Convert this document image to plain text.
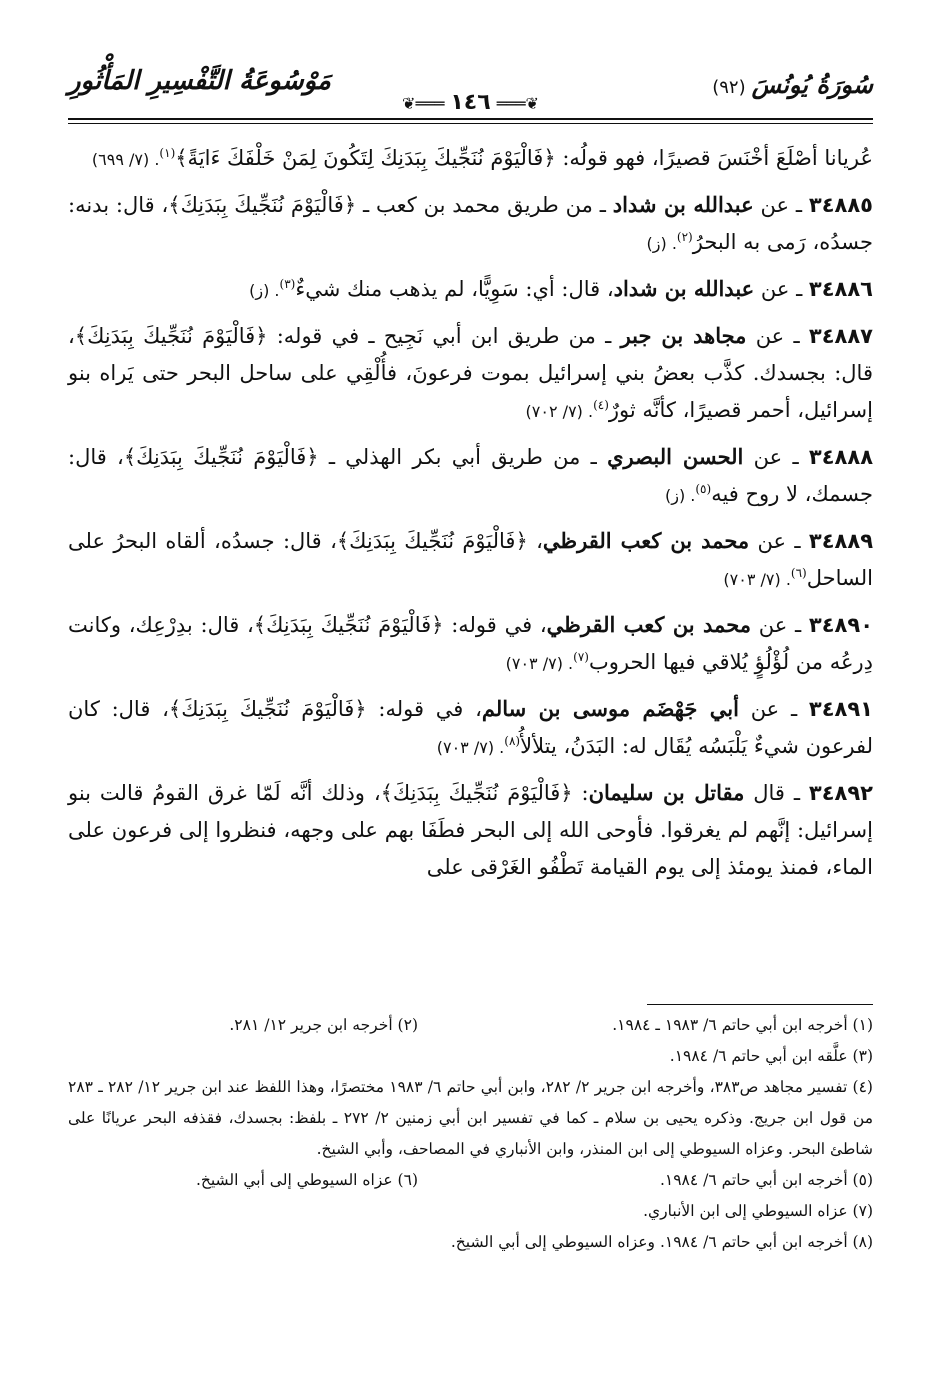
سُورَةُ يُونُسَ(٩٢)
❦═══١٤٦═══❦
مَوْسُوعَةُ التَّفْسِيرِ المَأْثُورِ

عُريانا أصْلَعَ أخْنَسَ قصيرًا، فهو قولُه: ﴿فَالْيَوْمَ نُنَجِّيكَ بِبَدَنِكَ لِتَكُونَ لِمَنْ خَلْفَكَ ءَايَةً﴾$^{(١)}$. (٧/ ٦٩٩)

٣٤٨٨٥ ـ عن عبدالله بن شداد ـ من طريق محمد بن كعب ـ ﴿فَالْيَوْمَ نُنَجِّيكَ بِبَدَنِكَ﴾، قال: بدنه: جسدُه، رَمى به البحرُ$^{(٢)}$. (ز)

٣٤٨٨٦ ـ عن عبدالله بن شداد، قال: أي: سَوِيًّا، لم يذهب منك شيءٌ$^{(٣)}$. (ز)

٣٤٨٨٧ ـ عن مجاهد بن جبر ـ من طريق ابن أبي نَجِيح ـ في قوله: ﴿فَالْيَوْمَ نُنَجِّيكَ بِبَدَنِكَ﴾، قال: بجسدك. كذَّب بعضُ بني إسرائيل بموت فرعونَ، فأُلْقِي على ساحل البحر حتى يَراه بنو إسرائيل، أحمر قصيرًا، كأنَّه ثورٌ$^{(٤)}$. (٧/ ٧٠٢)

٣٤٨٨٨ ـ عن الحسن البصري ـ من طريق أبي بكر الهذلي ـ ﴿فَالْيَوْمَ نُنَجِّيكَ بِبَدَنِكَ﴾، قال: جسمك، لا روح فيه$^{(٥)}$. (ز)

٣٤٨٨٩ ـ عن محمد بن كعب القرظي، ﴿فَالْيَوْمَ نُنَجِّيكَ بِبَدَنِكَ﴾، قال: جسدُه، ألقاه البحرُ على الساحل$^{(٦)}$. (٧/ ٧٠٣)

٣٤٨٩٠ ـ عن محمد بن كعب القرظي، في قوله: ﴿فَالْيَوْمَ نُنَجِّيكَ بِبَدَنِكَ﴾، قال: بدِرْعِك، وكانت دِرعُه من لُؤْلُؤٍ يُلاقي فيها الحروب$^{(٧)}$. (٧/ ٧٠٣)

٣٤٨٩١ ـ عن أبي جَهْضَم موسى بن سالم، في قوله: ﴿فَالْيَوْمَ نُنَجِّيكَ بِبَدَنِكَ﴾، قال: كان لفرعون شيءٌ يَلْبَسُه يُقَال له: البَدَنُ، يتلألأُ$^{(٨)}$. (٧/ ٧٠٣)

٣٤٨٩٢ ـ قال مقاتل بن سليمان: ﴿فَالْيَوْمَ نُنَجِّيكَ بِبَدَنِكَ﴾، وذلك أنَّه لَمّا غرق القومُ قالت بنو إسرائيل: إنَّهم لم يغرقوا. فأوحى الله إلى البحر فطَفَا بهم على وجهه، فنظروا إلى فرعون على الماء، فمنذ يومئذ إلى يوم القيامة تَطْفُو الغَرْقى على

(١) أخرجه ابن أبي حاتم ٦/ ١٩٨٣ ـ ١٩٨٤.
(٢) أخرجه ابن جرير ١٢/ ٢٨١.
(٣) علَّقه ابن أبي حاتم ٦/ ١٩٨٤.
(٤) تفسير مجاهد ص٣٨٣، وأخرجه ابن جرير ٢/ ٢٨٢، وابن أبي حاتم ٦/ ١٩٨٣ مختصرًا، وهذا اللفظ عند ابن جرير ١٢/ ٢٨٢ ـ ٢٨٣ من قول ابن جريج. وذكره يحيى بن سلام ـ كما في تفسير ابن أبي زمنين ٢/ ٢٧٢ ـ بلفظ: بجسدك، فقذفه البحر عريانًا على شاطئ البحر. وعزاه السيوطي إلى ابن المنذر، وابن الأنباري في المصاحف، وأبي الشيخ.
(٥) أخرجه ابن أبي حاتم ٦/ ١٩٨٤.
(٦) عزاه السيوطي إلى أبي الشيخ.
(٧) عزاه السيوطي إلى ابن الأنباري.
(٨) أخرجه ابن أبي حاتم ٦/ ١٩٨٤. وعزاه السيوطي إلى أبي الشيخ.
